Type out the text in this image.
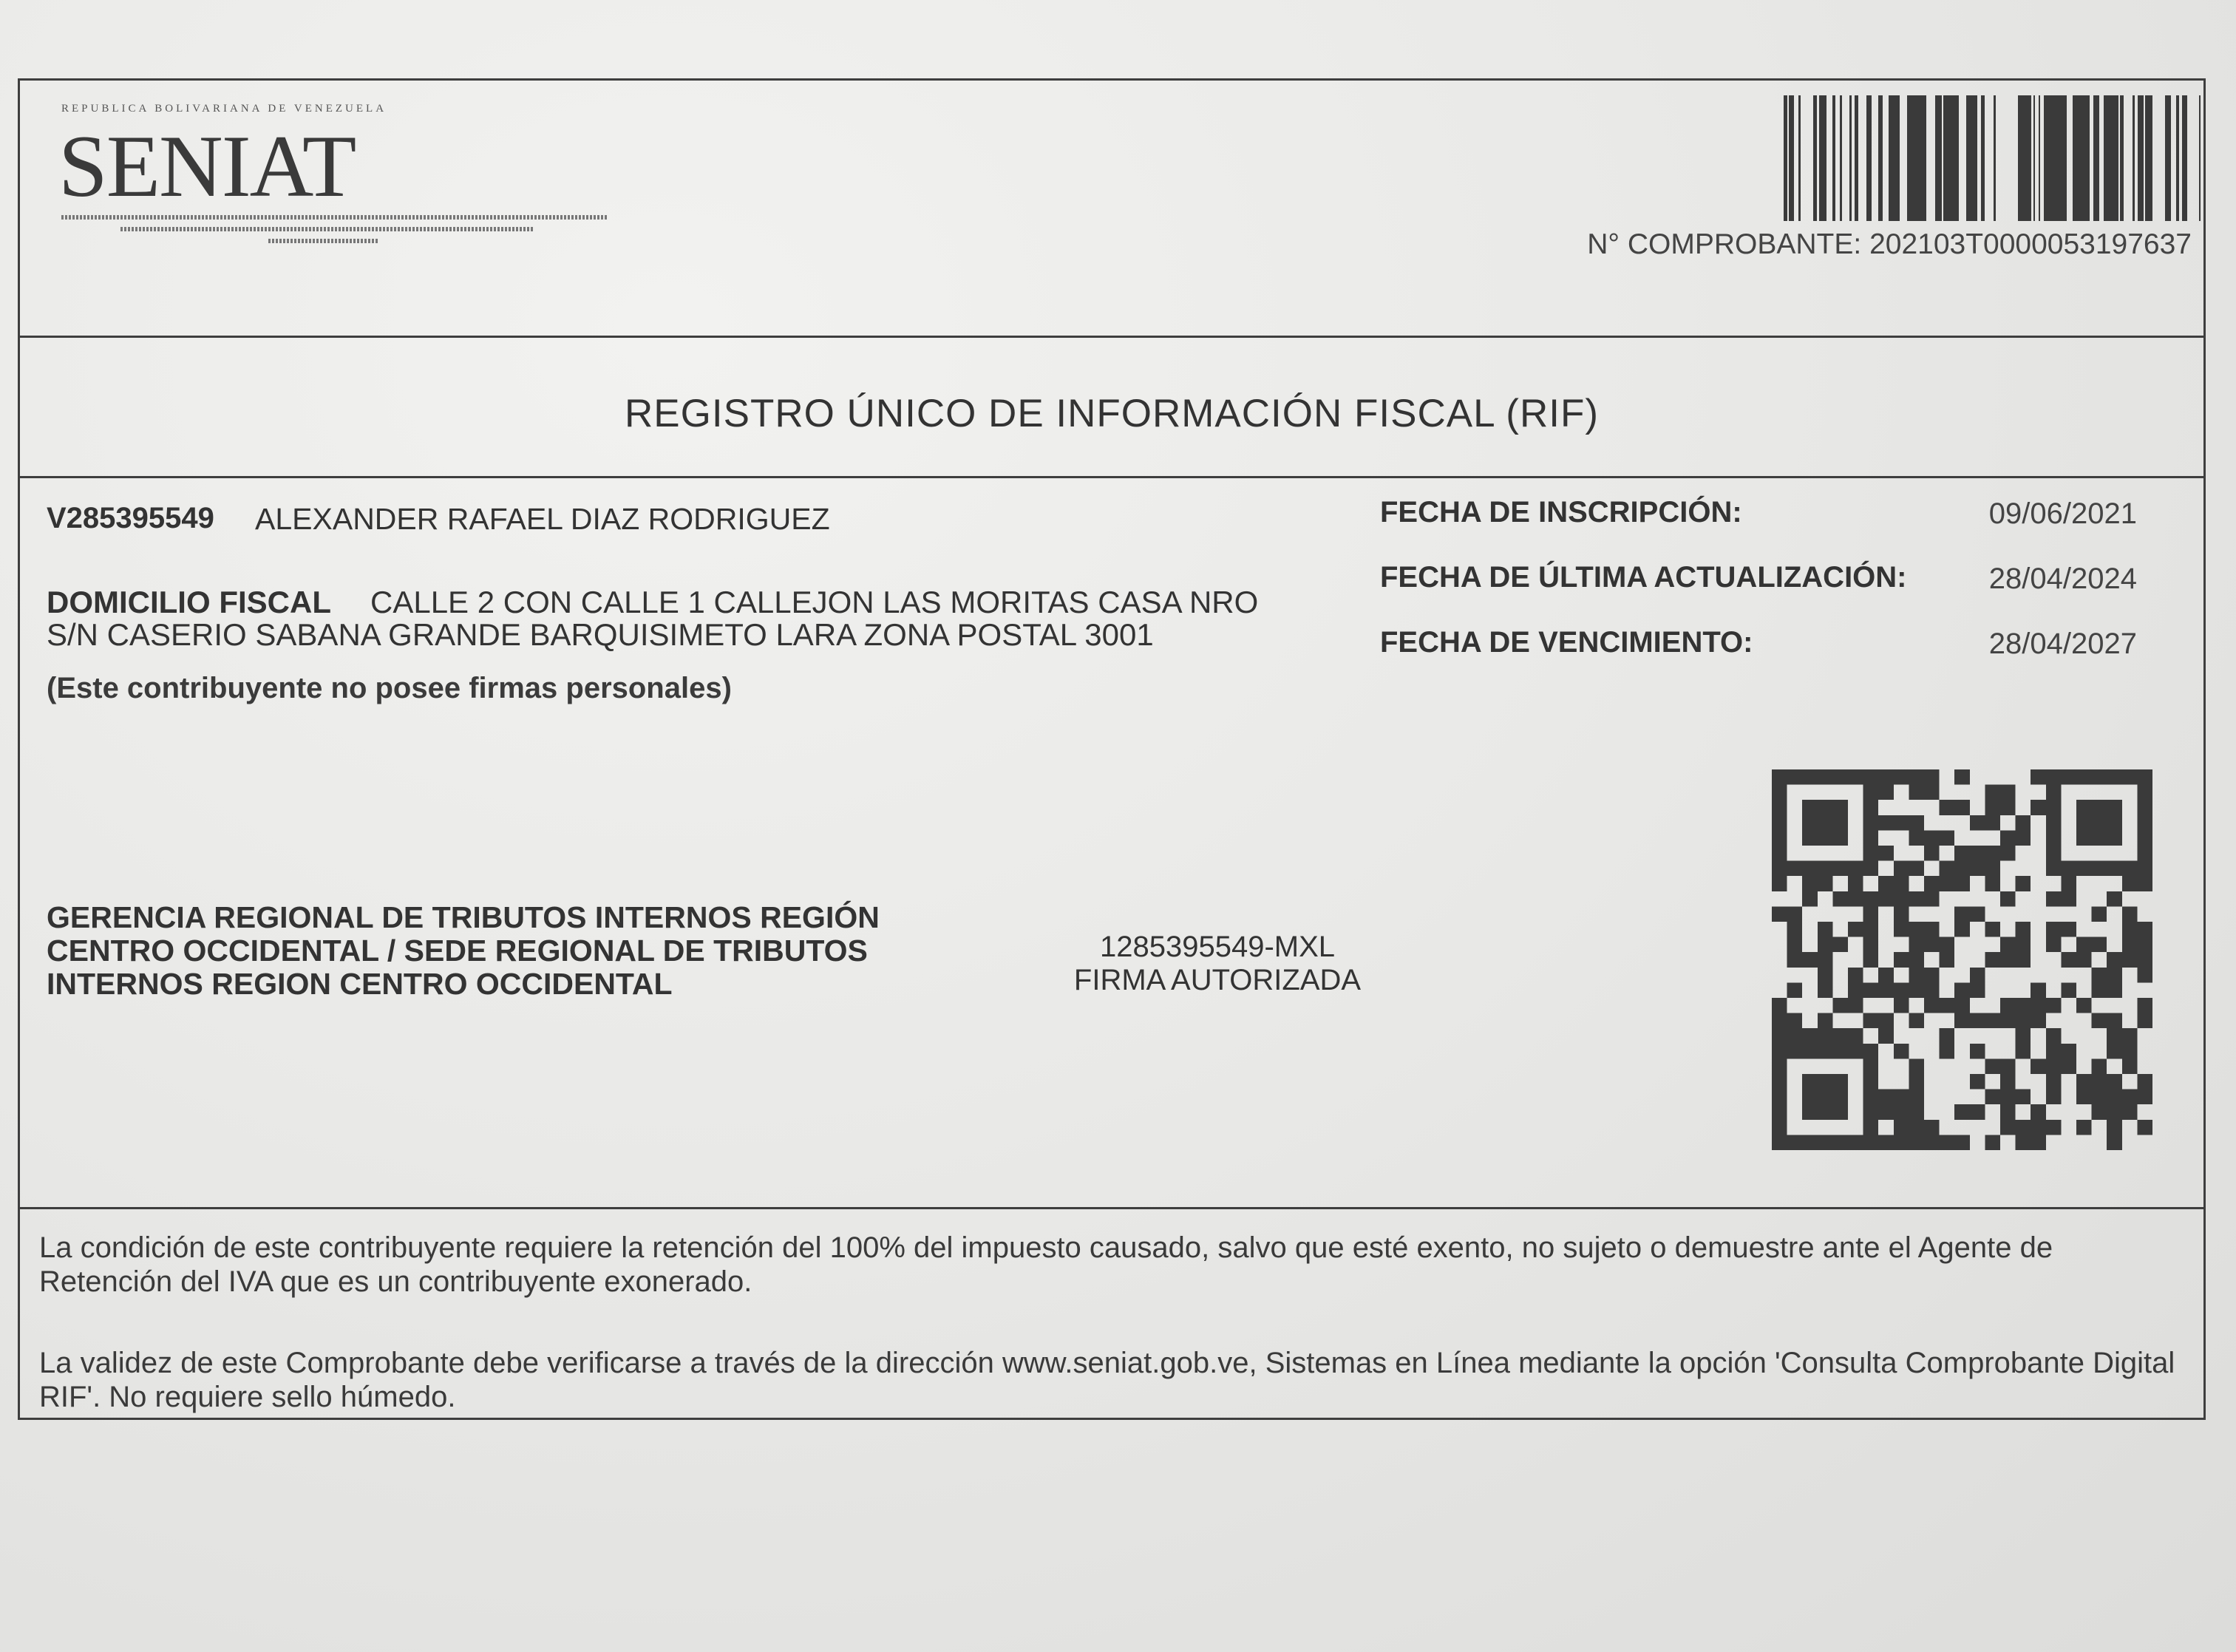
REPUBLICA BOLIVARIANA DE VENEZUELA
SENIAT
N° COMPROBANTE: 202103T0000053197637
REGISTRO ÚNICO DE INFORMACIÓN FISCAL (RIF)
V285395549 ALEXANDER RAFAEL DIAZ RODRIGUEZ
DOMICILIO FISCAL CALLE 2 CON CALLE 1 CALLEJON LAS MORITAS CASA NRO
S/N CASERIO SABANA GRANDE BARQUISIMETO LARA ZONA POSTAL 3001
(Este contribuyente no posee firmas personales)
FECHA DE INSCRIPCIÓN:	09/06/2021
FECHA DE ÚLTIMA ACTUALIZACIÓN:	28/04/2024
FECHA DE VENCIMIENTO:	28/04/2027
GERENCIA REGIONAL DE TRIBUTOS INTERNOS REGIÓN CENTRO OCCIDENTAL / SEDE REGIONAL DE TRIBUTOS INTERNOS REGION CENTRO OCCIDENTAL
1285395549-MXL
FIRMA AUTORIZADA
La condición de este contribuyente requiere la retención del 100% del impuesto causado, salvo que esté exento, no sujeto o demuestre ante el Agente de Retención del IVA que es un contribuyente exonerado.
La validez de este Comprobante debe verificarse a través de la dirección www.seniat.gob.ve, Sistemas en Línea mediante la opción 'Consulta Comprobante Digital RIF'. No requiere sello húmedo.
